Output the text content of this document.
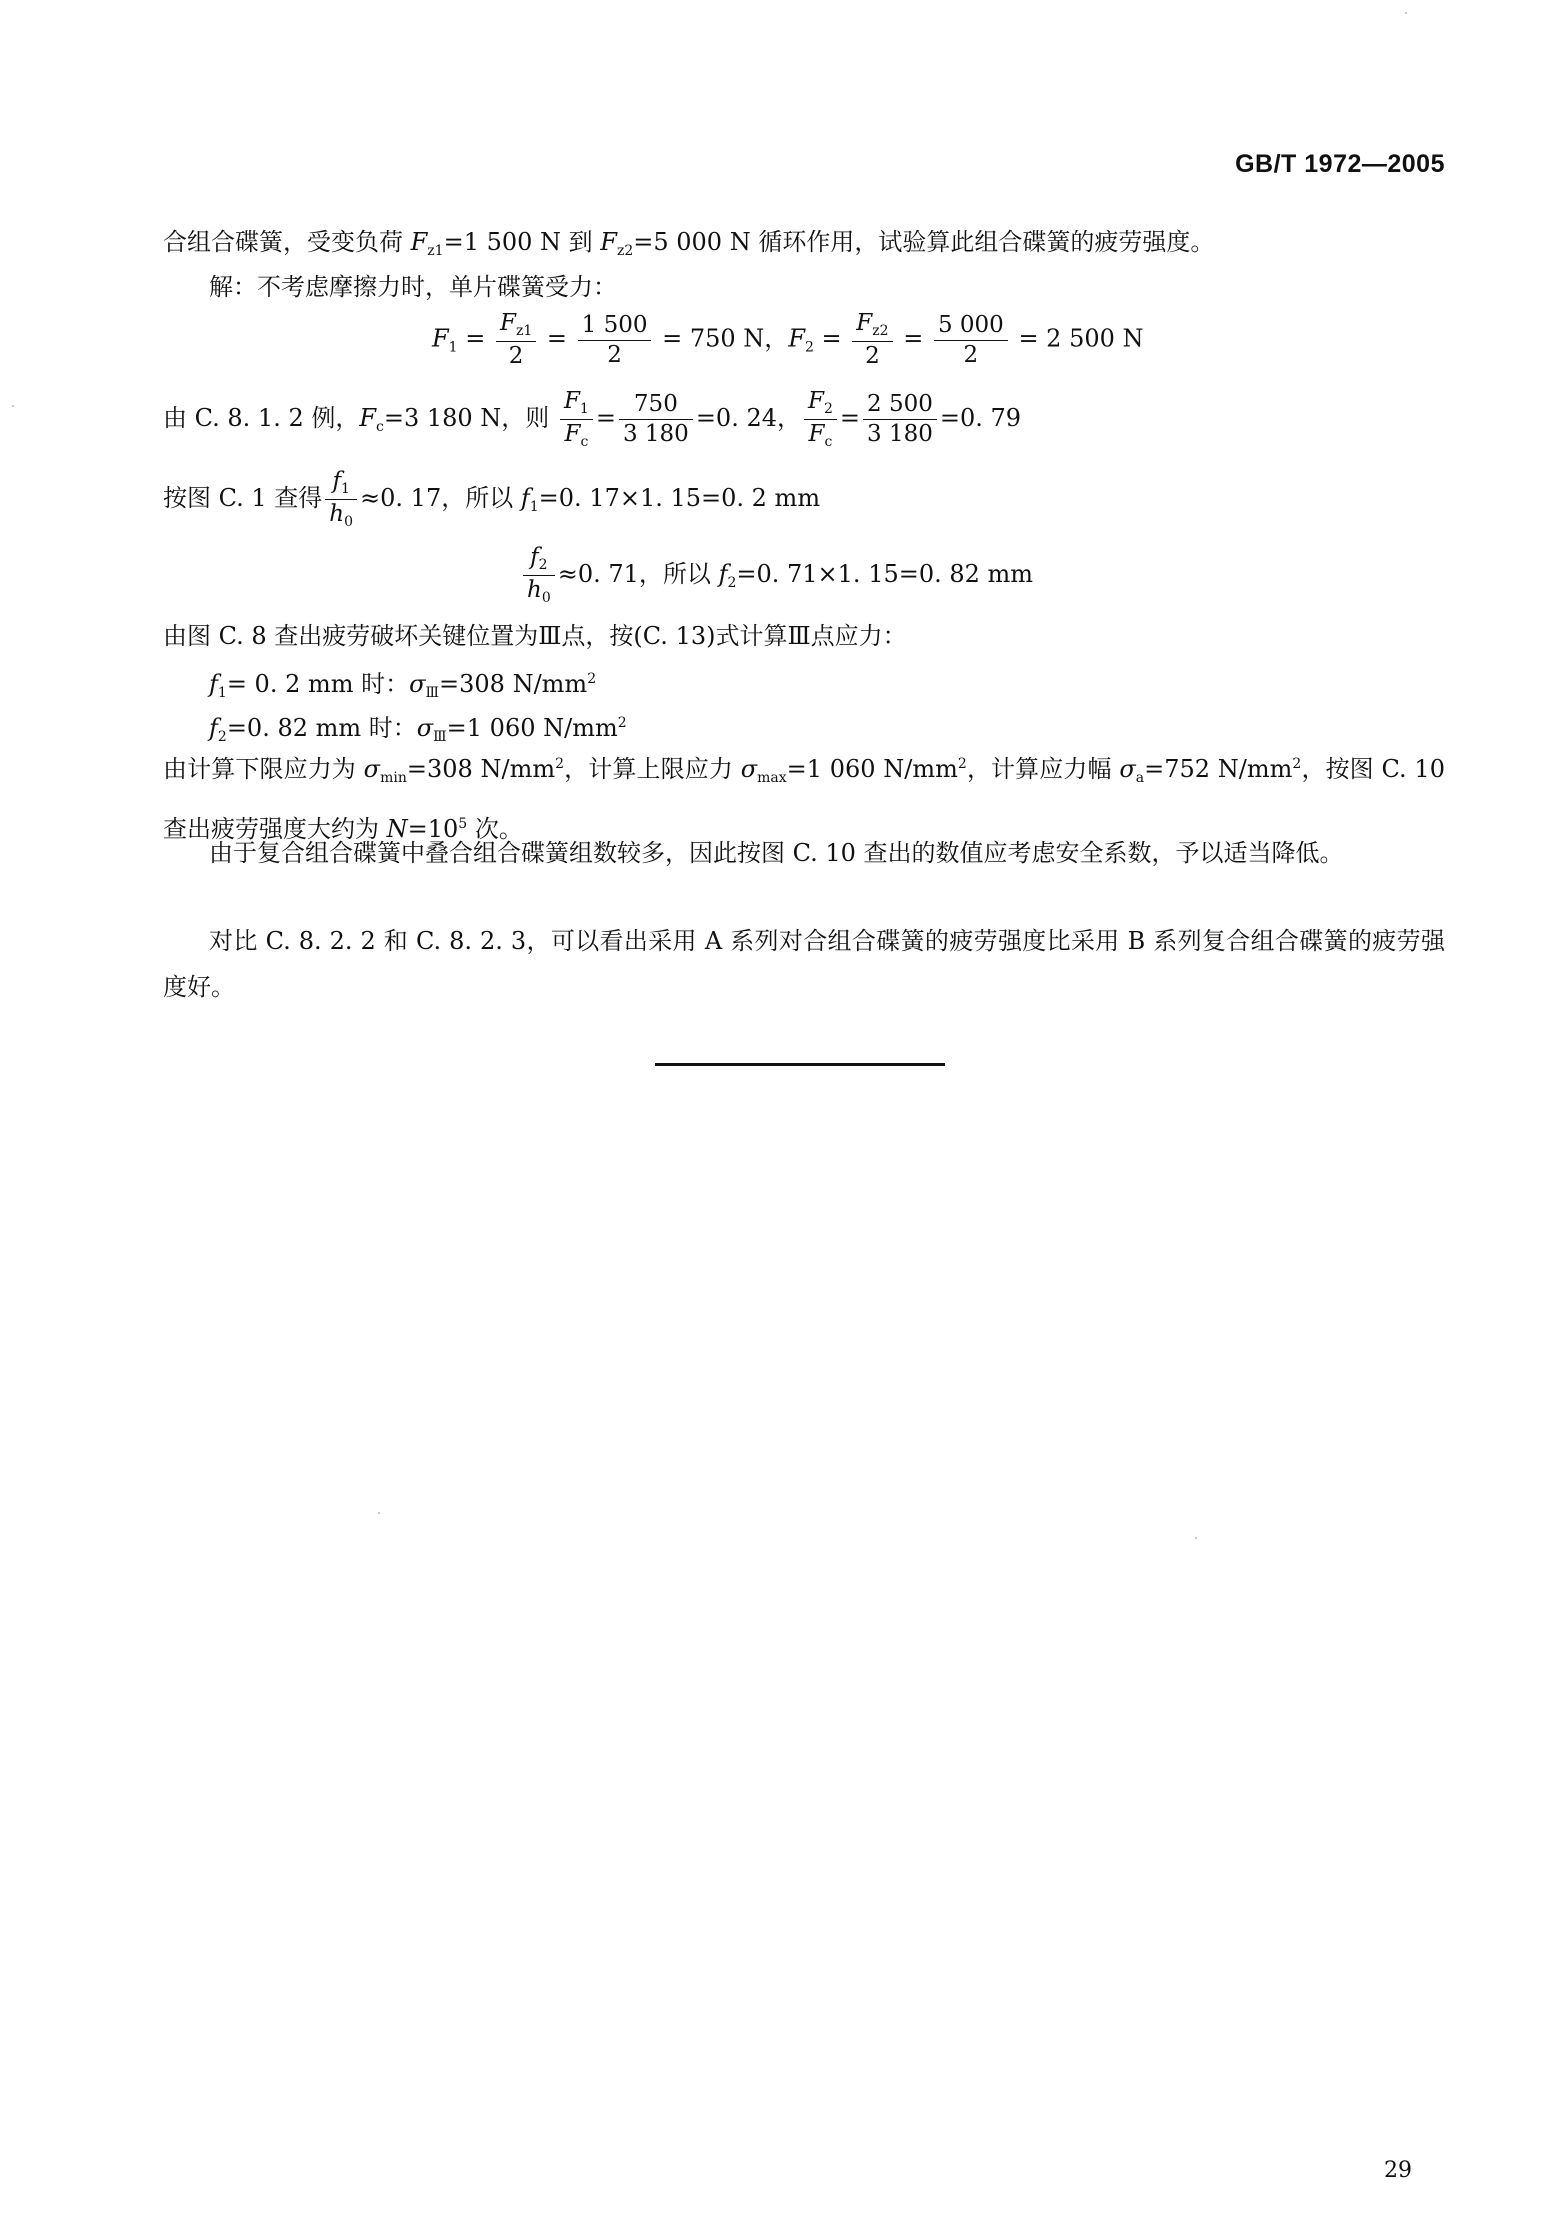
GB/T 1972—2005
合组合碟簧，受变负荷 $F_{z1}=1$ 500 N 到 $F_{z2}=5$ 000 N 循环作用，试验算此组合碟簧的疲劳强度。
解：不考虑摩擦力时，单片碟簧受力：
$F_1 = \frac{F_{z1}}{2} = \frac{1 500}{2} = 750$ N，$F_2 = \frac{F_{z2}}{2} = \frac{5 000}{2} = 2$ 500 N
由 C. 8. 1. 2 例，$F_c=3$ 180 N，则 $\frac{F_1}{F_c} = \frac{750}{3 180} =0$. 24， $\frac{F_2}{F_c} = \frac{2 500}{3 180} =0$. 79
按图 C. 1 查得 $\frac{f_1}{h_0} \approx 0$. 17，所以 $f_1=0$. 17×1. 15=0. 2 mm
$\frac{f_2}{h_0} \approx 0$. 71，所以 $f_2=0$. 71×1. 15=0. 82 mm
由图 C. 8 查出疲劳破坏关键位置为Ⅲ点，按(C. 13)式计算Ⅲ点应力：
$f_1= 0$. 2 mm 时：$\sigma_Ⅲ=308$ $N/mm^2$
$f_2=0$. 82 mm 时：$\sigma_Ⅲ=1$ 060 $N/mm^2$
由计算下限应力为 $\sigma_{min}=308$ $N/mm^2$，计算上限应力 $\sigma_{max}=1$ 060 $N/mm^2$，计算应力幅 $\sigma_a=752$ $N/mm^2$，按图 C. 10 查出疲劳强度大约为 $N=10^5$ 次。
由于复合组合碟簧中叠合组合碟簧组数较多，因此按图 C. 10 查出的数值应考虑安全系数，予以适当降低。
对比 C. 8. 2. 2 和 C. 8. 2. 3，可以看出采用 A 系列对合组合碟簧的疲劳强度比采用 B 系列复合组合碟簧的疲劳强度好。
29
